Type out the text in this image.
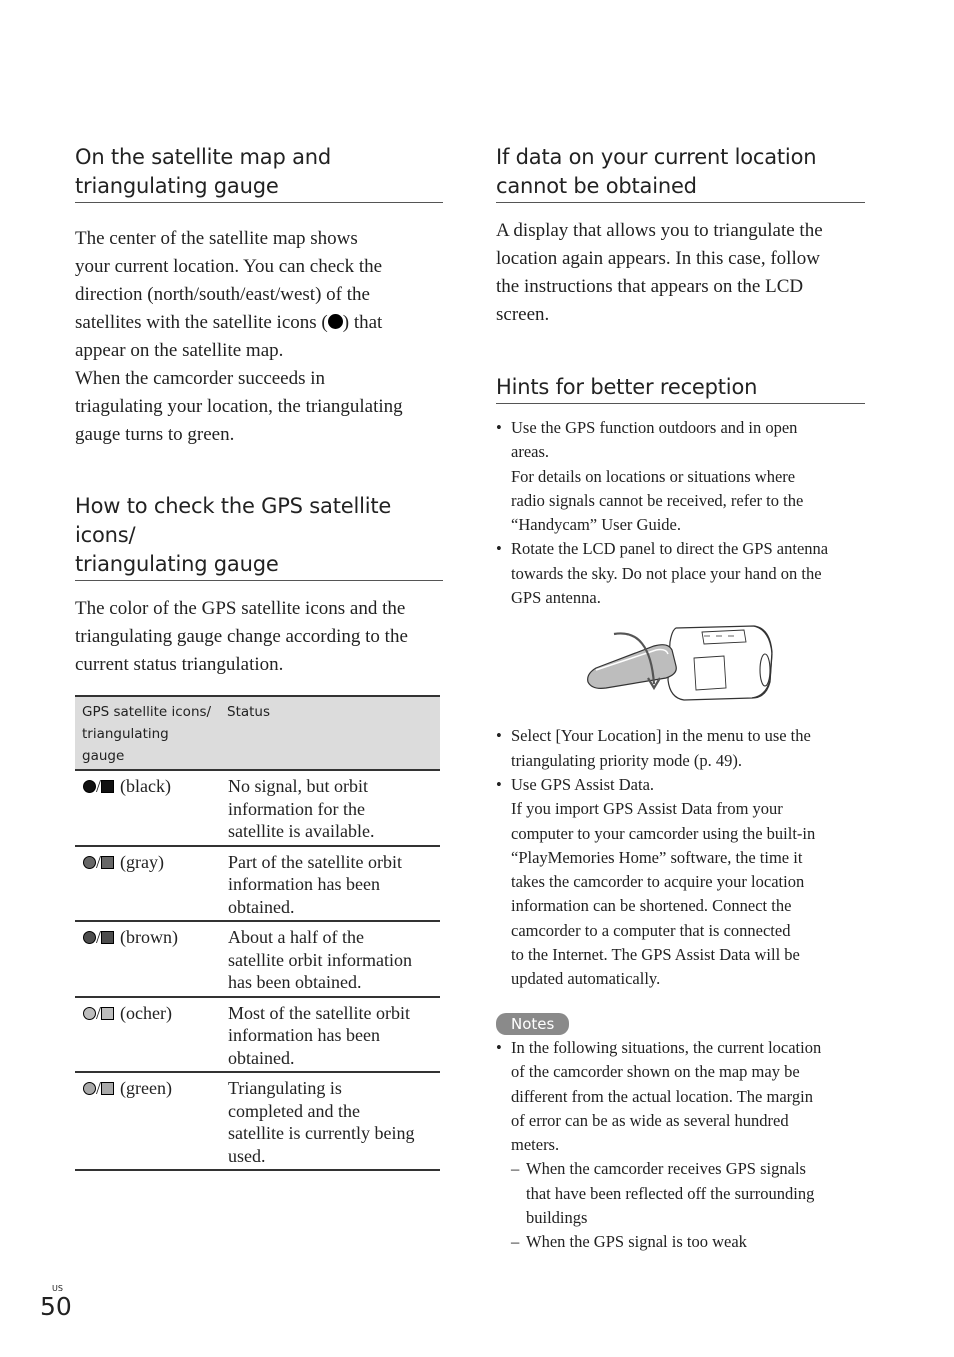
On the satellite map and
triangulating gauge

The center of the satellite map shows
your current location. You can check the
direction (north/south/east/west) of the
satellites with the satellite icons ( ) that
appear on the satellite map.

When the camcorder succeeds in
triagulating your location, the triangulating
gauge turns to green.

How to check the GPS satellite icons/
triangulating gauge

The color of the GPS satellite icons and the
triangulating gauge change according to the
current status triangulation.

GPS satellite icons/
triangulating gauge	Status
/ (black)	No signal, but orbit
information for the
satellite is available.
/ (gray)	Part of the satellite orbit
information has been
obtained.
/ (brown)	About a half of the
satellite orbit information
has been obtained.
/ (ocher)	Most of the satellite orbit
information has been
obtained.
/ (green)	Triangulating is
completed and the
satellite is currently being
used.
If data on your current location
cannot be obtained

A display that allows you to triangulate the
location again appears. In this case, follow
the instructions that appears on the LCD
screen.

Hints for better reception
• Use the GPS function outdoors and in open
areas.
For details on locations or situations where
radio signals cannot be received, refer to the
“Handycam” User Guide.
• Rotate the LCD panel to direct the GPS antenna
towards the sky. Do not place your hand on the
GPS antenna.
• Select [Your Location] in the menu to use the
triangulating priority mode (p. 49).
• Use GPS Assist Data.
If you import GPS Assist Data from your
computer to your camcorder using the built-in
“PlayMemories Home” software, the time it
takes the camcorder to acquire your location
information can be shortened. Connect the
camcorder to a computer that is connected
to the Internet. The GPS Assist Data will be
updated automatically.
Notes
• In the following situations, the current location
of the camcorder shown on the map may be
different from the actual location. The margin
of error can be as wide as several hundred
meters.
– When the camcorder receives GPS signals
that have been reflected off the surrounding
buildings
– When the GPS signal is too weak
US
50
